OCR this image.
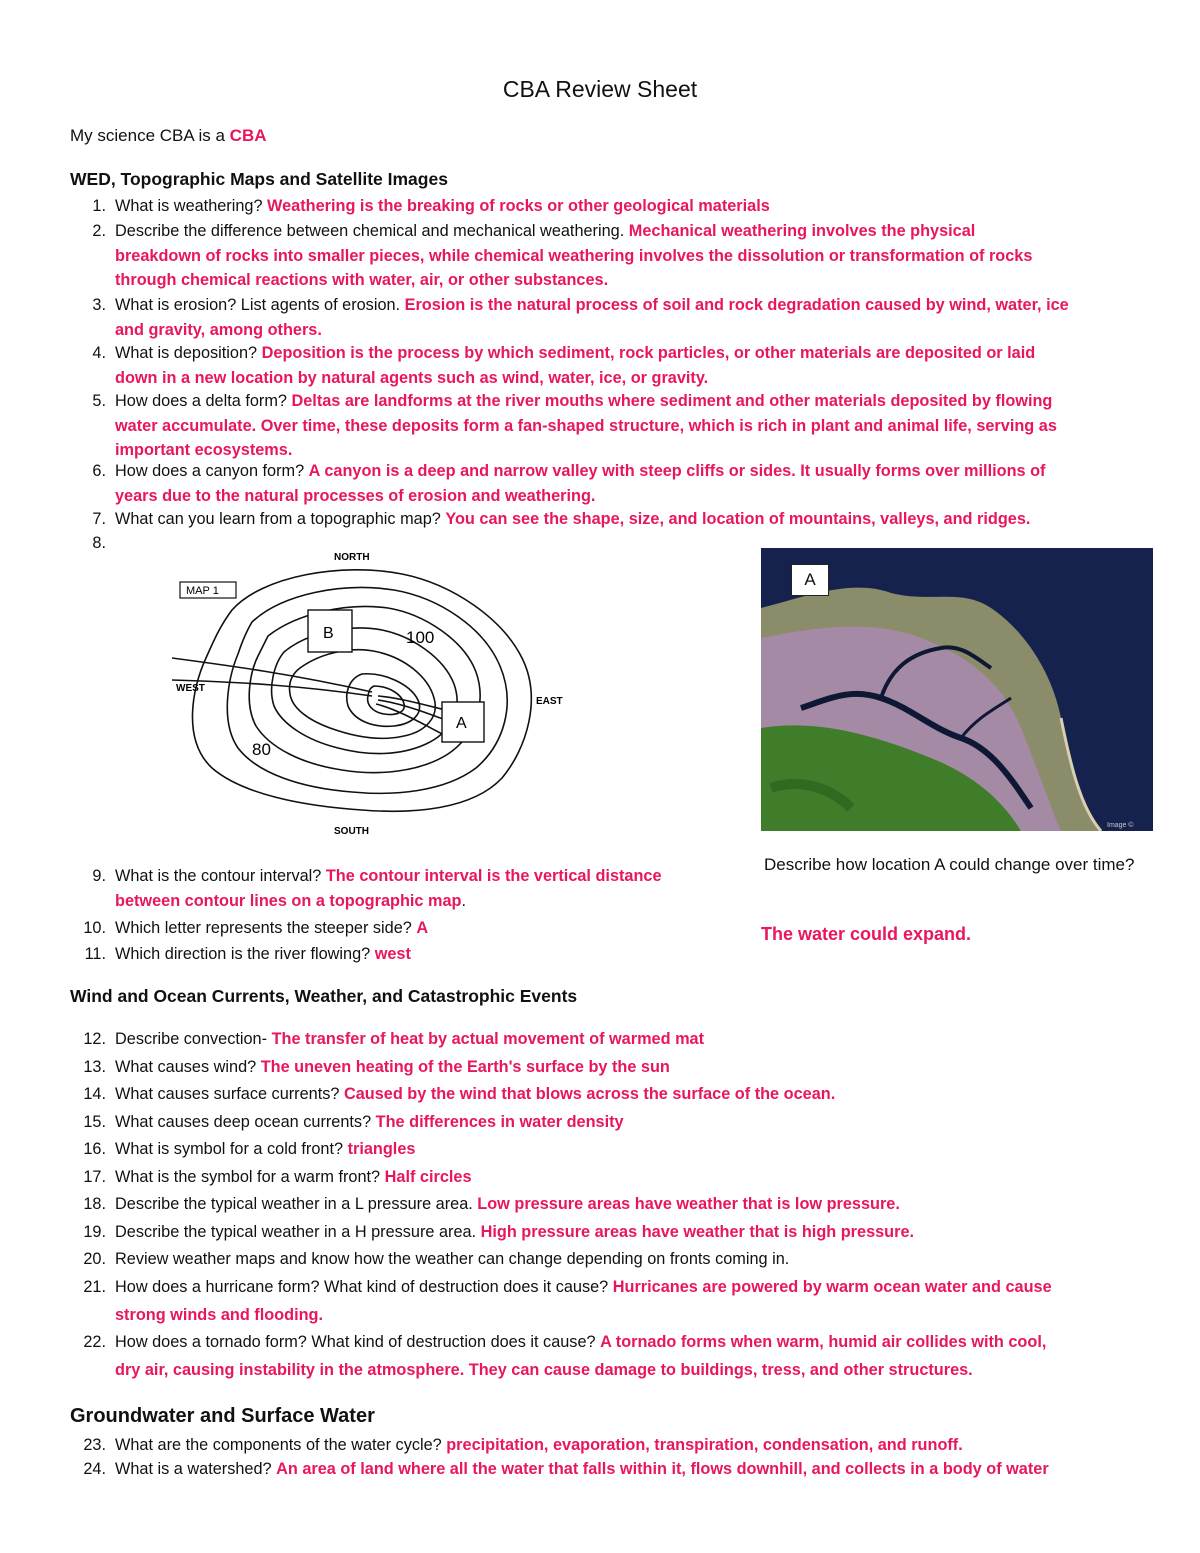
CBA Review Sheet
My science CBA is a CBA
WED, Topographic Maps and Satellite Images
1. What is weathering? Weathering is the breaking of rocks or other geological materials
2. Describe the difference between chemical and mechanical weathering. Mechanical weathering involves the physical
breakdown of rocks into smaller pieces, while chemical weathering involves the dissolution or transformation of rocks
through chemical reactions with water, air, or other substances.
3. What is erosion? List agents of erosion. Erosion is the natural process of soil and rock degradation caused by wind, water, ice
and gravity, among others.
4. What is deposition? Deposition is the process by which sediment, rock particles, or other materials are deposited or laid
down in a new location by natural agents such as wind, water, ice, or gravity.
5. How does a delta form? Deltas are landforms at the river mouths where sediment and other materials deposited by flowing
water accumulate. Over time, these deposits form a fan-shaped structure, which is rich in plant and animal life, serving as
important ecosystems.
6. How does a canyon form? A canyon is a deep and narrow valley with steep cliffs or sides. It usually forms over millions of
years due to the natural processes of erosion and weathering.
7. What can you learn from a topographic map? You can see the shape, size, and location of mountains, valleys, and ridges.
8.
MAP 1
NORTH
SOUTH
EAST
WEST
B	100
A
80
Image ©
A
Describe how location A could change over time?
The water could expand.
9. What is the contour interval? The contour interval is the vertical distance
between contour lines on a topographic map.
10. Which letter represents the steeper side? A
11. Which direction is the river flowing? west
Wind and Ocean Currents, Weather, and Catastrophic Events
12. Describe convection- The transfer of heat by actual movement of warmed mat
13. What causes wind? The uneven heating of the Earth's surface by the sun
14. What causes surface currents? Caused by the wind that blows across the surface of the ocean.
15. What causes deep ocean currents? The differences in water density
16. What is symbol for a cold front? triangles
17. What is the symbol for a warm front? Half circles
18. Describe the typical weather in a L pressure area. Low pressure areas have weather that is low pressure.
19. Describe the typical weather in a H pressure area. High pressure areas have weather that is high pressure.
20. Review weather maps and know how the weather can change depending on fronts coming in.
21. How does a hurricane form? What kind of destruction does it cause? Hurricanes are powered by warm ocean water and cause
strong winds and flooding.
22. How does a tornado form? What kind of destruction does it cause? A tornado forms when warm, humid air collides with cool,
dry air, causing instability in the atmosphere. They can cause damage to buildings, tress, and other structures.
Groundwater and Surface Water
23. What are the components of the water cycle? precipitation, evaporation, transpiration, condensation, and runoff.
24. What is a watershed? An area of land where all the water that falls within it, flows downhill, and collects in a body of water
